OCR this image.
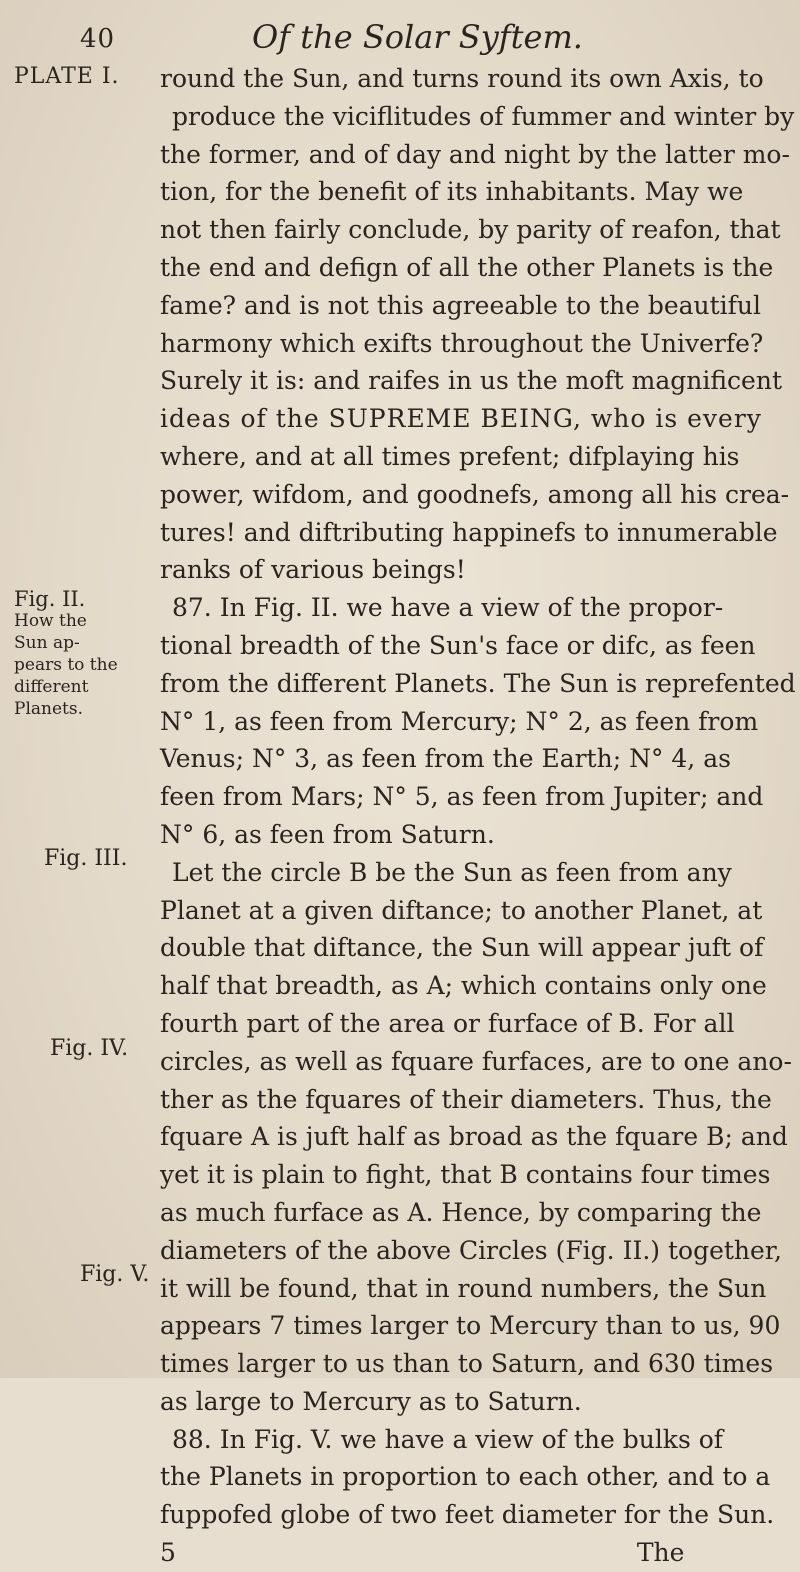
40	Of the Solar Syftem.
PLATE I.
Fig. II.
How the
Sun ap-
pears to the
different
Planets.
Fig. III.
Fig. IV.
Fig. V.
round the Sun, and turns round its own Axis, to
produce the viciflitudes of fummer and winter by
the former, and of day and night by the latter mo-
tion, for the benefit of its inhabitants. May we
not then fairly conclude, by parity of reafon, that
the end and defign of all the other Planets is the
fame? and is not this agreeable to the beautiful
harmony which exifts throughout the Univerfe?
Surely it is: and raifes in us the moft magnificent
ideas of the SUPREME BEING, who is every
where, and at all times prefent; difplaying his
power, wifdom, and goodnefs, among all his crea-
tures! and diftributing happinefs to innumerable
ranks of various beings!
87. In Fig. II. we have a view of the propor-
tional breadth of the Sun's face or difc, as feen
from the different Planets. The Sun is reprefented
N° 1, as feen from Mercury; N° 2, as feen from
Venus; N° 3, as feen from the Earth; N° 4, as
feen from Mars; N° 5, as feen from Jupiter; and
N° 6, as feen from Saturn.
Let the circle B be the Sun as feen from any
Planet at a given diftance; to another Planet, at
double that diftance, the Sun will appear juft of
half that breadth, as A; which contains only one
fourth part of the area or furface of B. For all
circles, as well as fquare furfaces, are to one ano-
ther as the fquares of their diameters. Thus, the
fquare A is juft half as broad as the fquare B; and
yet it is plain to fight, that B contains four times
as much furface as A. Hence, by comparing the
diameters of the above Circles (Fig. II.) together,
it will be found, that in round numbers, the Sun
appears 7 times larger to Mercury than to us, 90
times larger to us than to Saturn, and 630 times
as large to Mercury as to Saturn.
88. In Fig. V. we have a view of the bulks of
the Planets in proportion to each other, and to a
fuppofed globe of two feet diameter for the Sun.
5                                                          The
